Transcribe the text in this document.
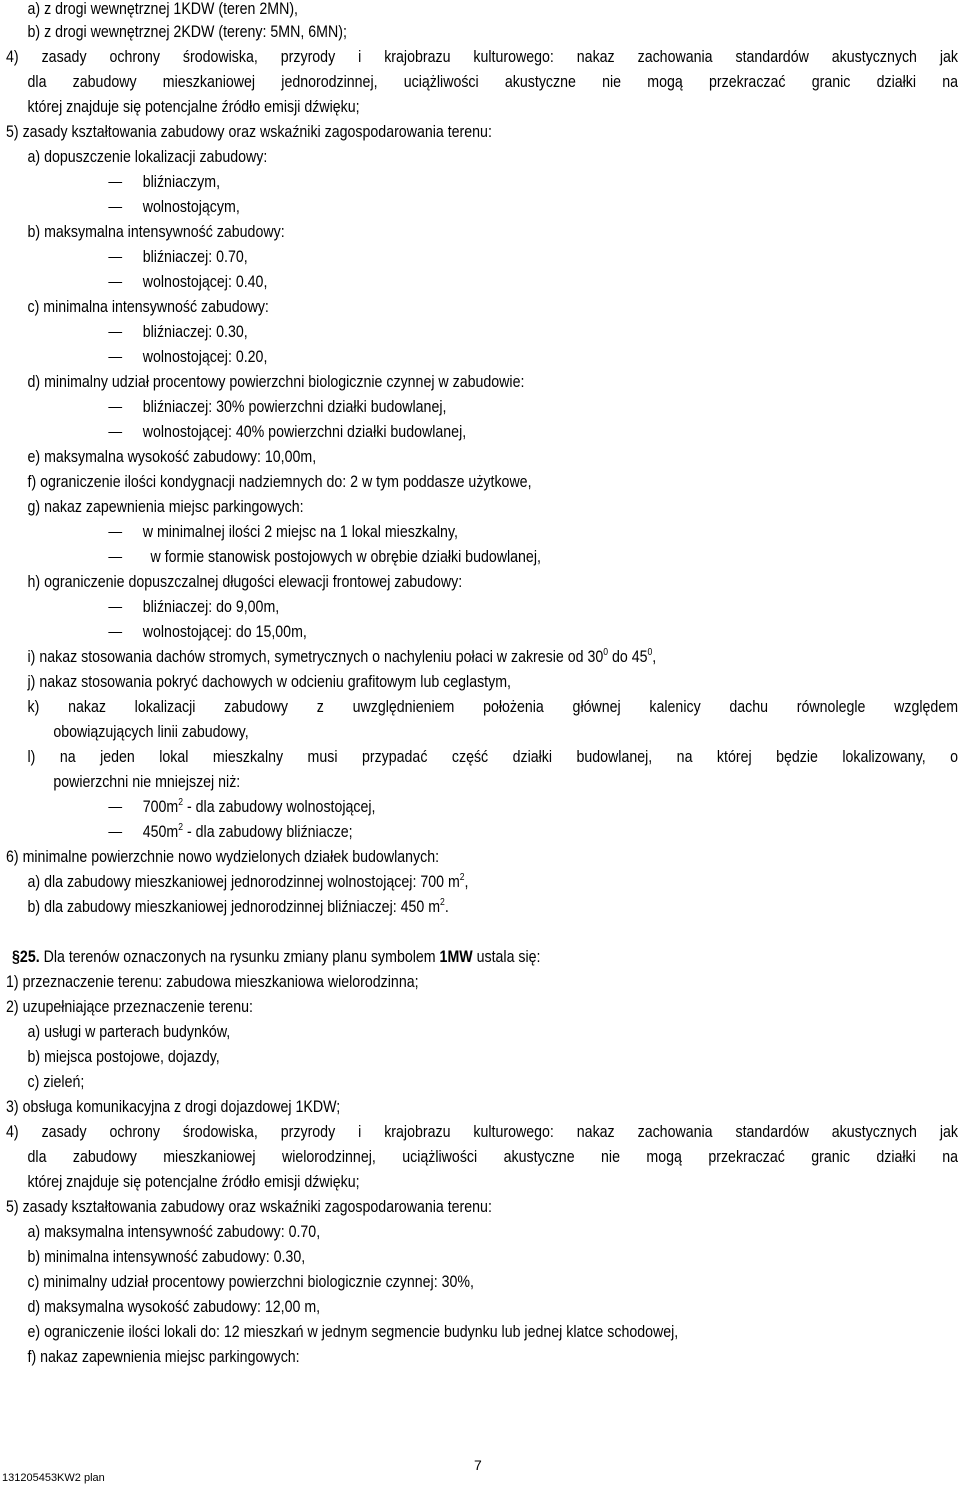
a) z drogi wewnętrznej 1KDW (teren 2MN),
b) z drogi wewnętrznej 2KDW (tereny: 5MN, 6MN);
4) zasady ochrony środowiska, przyrody i krajobrazu kulturowego: nakaz zachowania standardów akustycznych jak
dla zabudowy mieszkaniowej jednorodzinnej, uciążliwości akustyczne nie mogą przekraczać granic działki na
której znajduje się potencjalne źródło emisji dźwięku;
5) zasady kształtowania zabudowy oraz wskaźniki zagospodarowania terenu:
a) dopuszczenie lokalizacji zabudowy:
bliźniaczym,
wolnostojącym,
b) maksymalna intensywność zabudowy:
bliźniaczej: 0.70,
wolnostojącej: 0.40,
c) minimalna intensywność zabudowy:
bliźniaczej: 0.30,
wolnostojącej: 0.20,
d) minimalny udział procentowy powierzchni biologicznie czynnej w zabudowie:
bliźniaczej: 30% powierzchni działki budowlanej,
wolnostojącej: 40% powierzchni działki budowlanej,
e) maksymalna wysokość zabudowy: 10,00m,
f) ograniczenie ilości kondygnacji nadziemnych do: 2 w tym poddasze użytkowe,
g) nakaz zapewnienia miejsc parkingowych:
w minimalnej ilości 2 miejsc na 1 lokal mieszkalny,
w formie stanowisk postojowych w obrębie działki budowlanej,
h) ograniczenie dopuszczalnej długości elewacji frontowej zabudowy:
bliźniaczej: do 9,00m,
wolnostojącej: do 15,00m,
i) nakaz stosowania dachów stromych, symetrycznych o nachyleniu połaci w zakresie od $30^0$ do $45^0$,
j) nakaz stosowania pokryć dachowych w odcieniu grafitowym lub ceglastym,
k) nakaz lokalizacji zabudowy z uwzględnieniem położenia głównej kalenicy dachu równolegle względem
obowiązujących linii zabudowy,
l) na jeden lokal mieszkalny musi przypadać część działki budowlanej, na której będzie lokalizowany, o
powierzchni nie mniejszej niż:
$700m^2$ - dla zabudowy wolnostojącej,
$450m^2$ - dla zabudowy bliźniacze;
6) minimalne powierzchnie nowo wydzielonych działek budowlanych:
a) dla zabudowy mieszkaniowej jednorodzinnej wolnostojącej: 700 $m^2$,
b) dla zabudowy mieszkaniowej jednorodzinnej bliźniaczej: 450 $m^2$.
§25. Dla terenów oznaczonych na rysunku zmiany planu symbolem 1MW ustala się:
1) przeznaczenie terenu: zabudowa mieszkaniowa wielorodzinna;
2) uzupełniające przeznaczenie terenu:
a) usługi w parterach budynków,
b) miejsca postojowe, dojazdy,
c) zieleń;
3) obsługa komunikacyjna z drogi dojazdowej 1KDW;
4) zasady ochrony środowiska, przyrody i krajobrazu kulturowego: nakaz zachowania standardów akustycznych jak
dla zabudowy mieszkaniowej wielorodzinnej, uciążliwości akustyczne nie mogą przekraczać granic działki na
której znajduje się potencjalne źródło emisji dźwięku;
5) zasady kształtowania zabudowy oraz wskaźniki zagospodarowania terenu:
a) maksymalna intensywność zabudowy: 0.70,
b) minimalna intensywność zabudowy: 0.30,
c) minimalny udział procentowy powierzchni biologicznie czynnej: 30%,
d) maksymalna wysokość zabudowy: 12,00 m,
e) ograniczenie ilości lokali do: 12 mieszkań w jednym segmencie budynku lub jednej klatce schodowej,
f) nakaz zapewnienia miejsc parkingowych:
7
131205453KW2 plan
